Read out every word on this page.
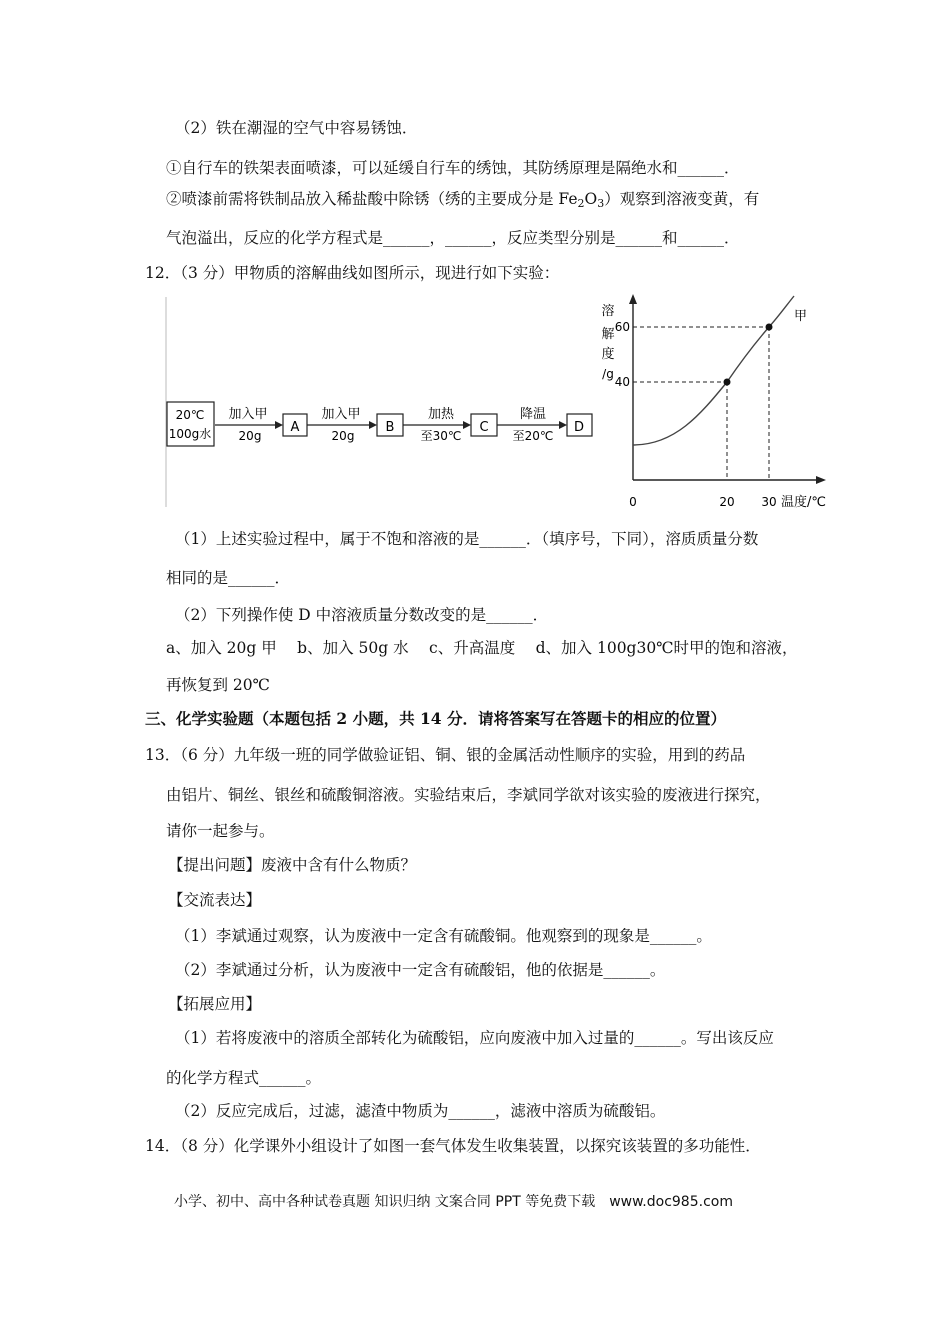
（2）铁在潮湿的空气中容易锈蚀．
①自行车的铁架表面喷漆，可以延缓自行车的绣蚀，其防绣原理是隔绝水和______．
②喷漆前需将铁制品放入稀盐酸中除锈（绣的主要成分是 $Fe_2O_3$）观察到溶液变黄，有
气泡溢出，反应的化学方程式是______，______，反应类型分别是______和______．
12．（3 分）甲物质的溶解曲线如图所示，现进行如下实验：
20℃
100g水
加入甲
20g
A
加入甲
20g
B
加热
至30℃
C
降温
至20℃
D
溶
解
度
/g
60
40
甲
0	20 30 温度/℃
（1）上述实验过程中，属于不饱和溶液的是______．（填序号，下同），溶质质量分数
相同的是______．
（2）下列操作使 D 中溶液质量分数改变的是______．
a、加入 20g 甲　 b、加入 50g 水　 c、升高温度　 d、加入 100g30℃时甲的饱和溶液，
再恢复到 20℃
三、化学实验题（本题包括 2 小题，共 14 分．请将答案写在答题卡的相应的位置）
13．（6 分）九年级一班的同学做验证铝、铜、银的金属活动性顺序的实验，用到的药品
由铝片、铜丝、银丝和硫酸铜溶液。实验结束后，李斌同学欲对该实验的废液进行探究，
请你一起参与。
【提出问题】废液中含有什么物质？
【交流表达】
（1）李斌通过观察，认为废液中一定含有硫酸铜。他观察到的现象是______。
（2）李斌通过分析，认为废液中一定含有硫酸铝，他的依据是______。
【拓展应用】
（1）若将废液中的溶质全部转化为硫酸铝，应向废液中加入过量的______。写出该反应
的化学方程式______。
（2）反应完成后，过滤，滤渣中物质为______，滤液中溶质为硫酸铝。
14．（8 分）化学课外小组设计了如图一套气体发生收集装置，以探究该装置的多功能性．
小学、初中、高中各种试卷真题 知识归纳 文案合同 PPT 等免费下载　www.doc985.com
